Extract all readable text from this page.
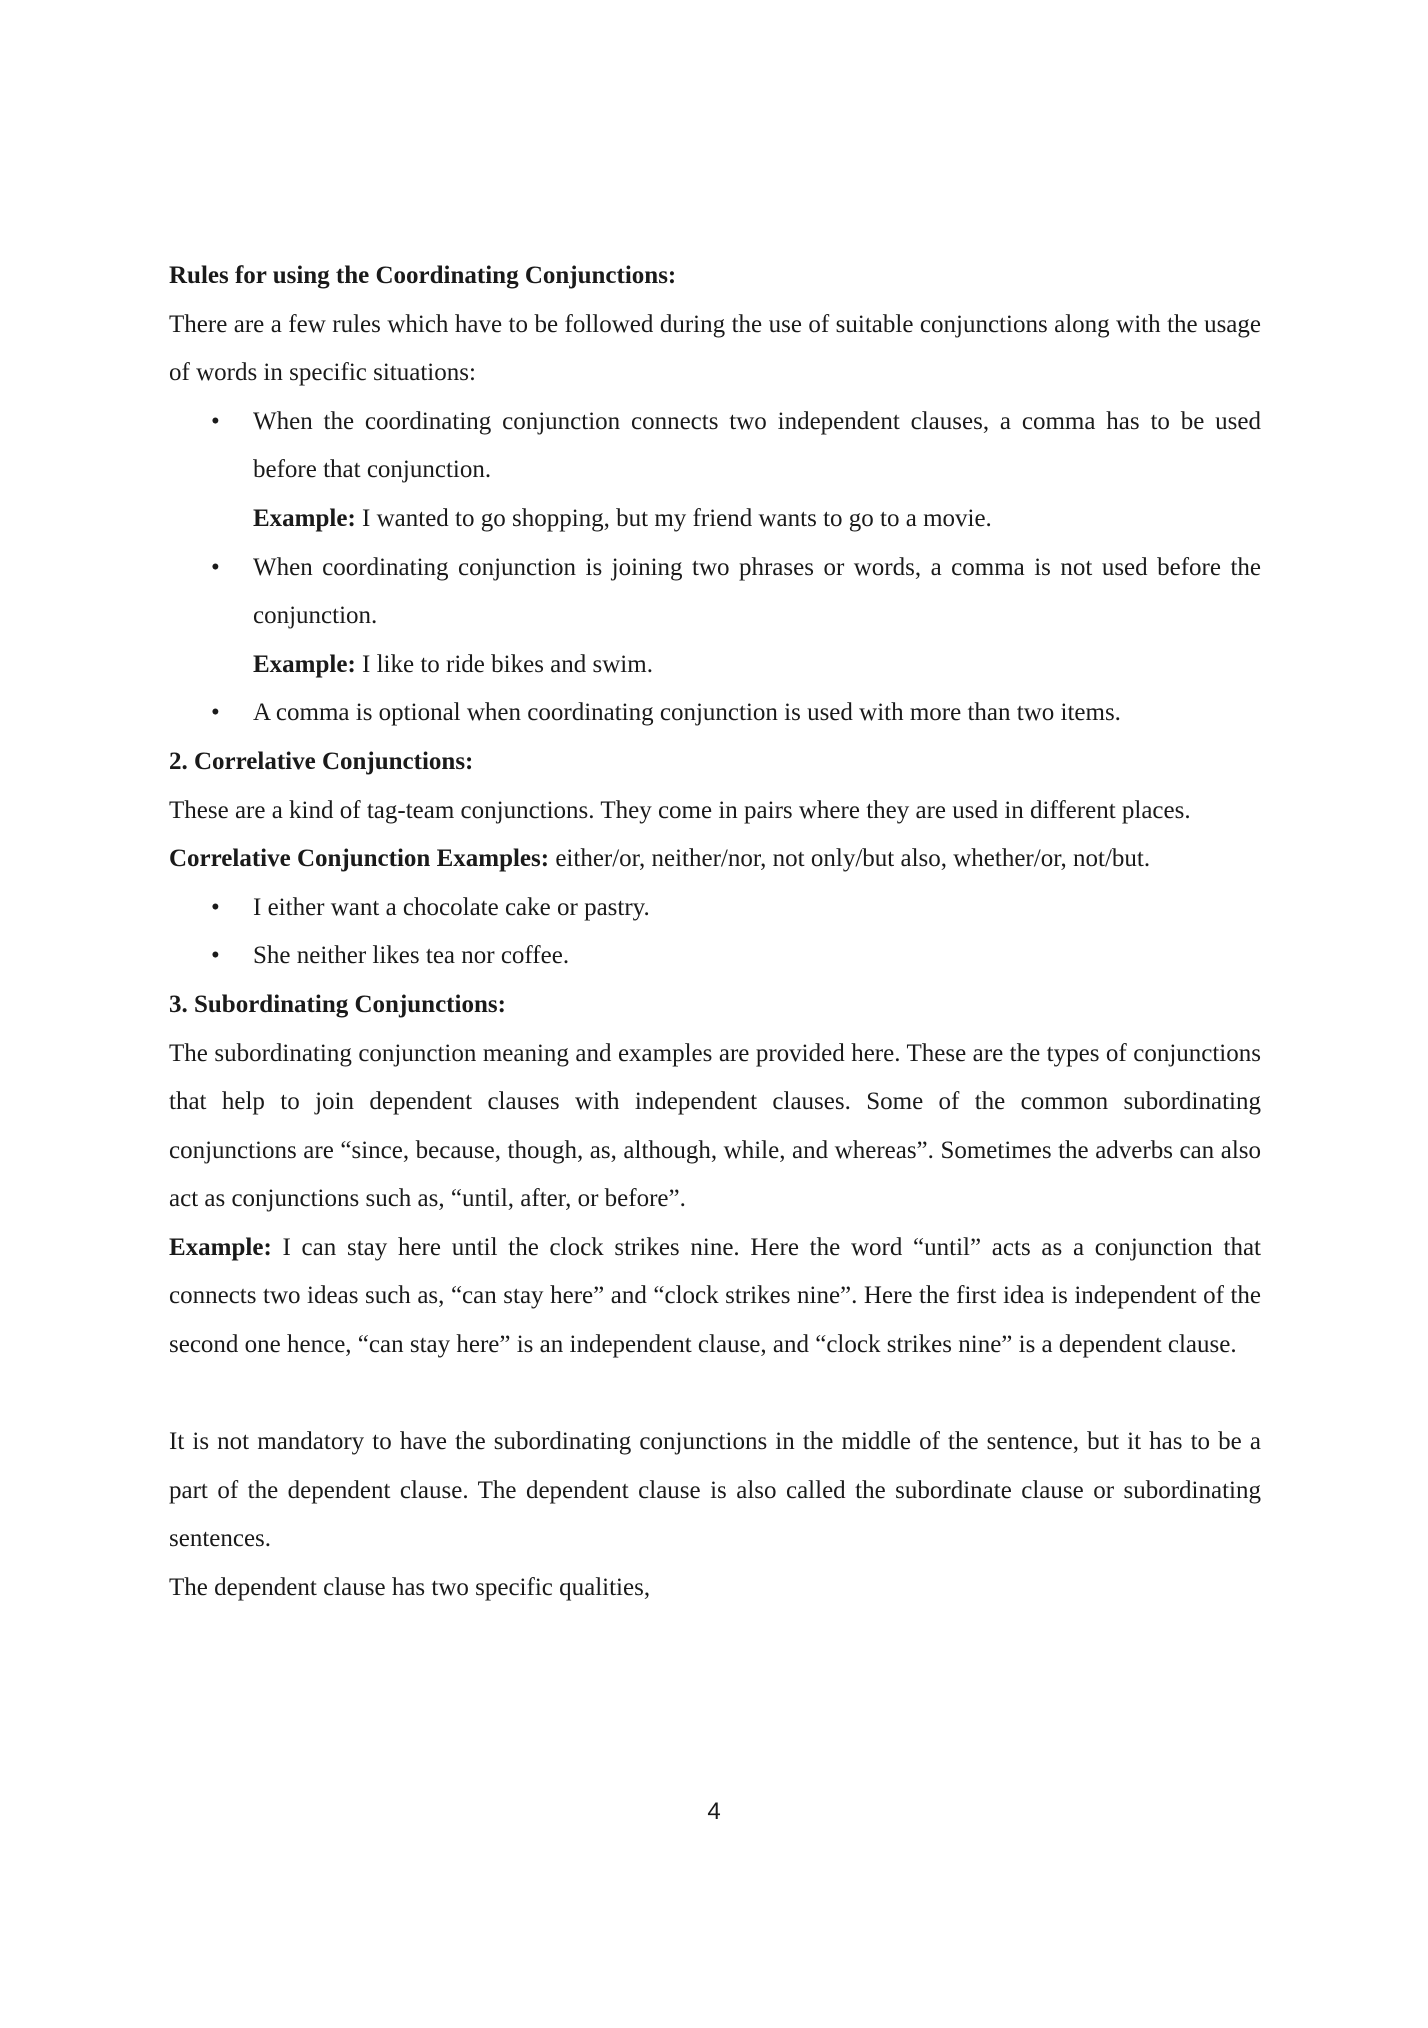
Rules for using the Coordinating Conjunctions:

There are a few rules which have to be followed during the use of suitable conjunctions along with the usage of words in specific situations:

• When the coordinating conjunction connects two independent clauses, a comma has to be used before that conjunction.

Example: I wanted to go shopping, but my friend wants to go to a movie.

• When coordinating conjunction is joining two phrases or words, a comma is not used before the conjunction.

Example: I like to ride bikes and swim.

• A comma is optional when coordinating conjunction is used with more than two items.

2. Correlative Conjunctions:

These are a kind of tag-team conjunctions. They come in pairs where they are used in different places.

Correlative Conjunction Examples: either/or, neither/nor, not only/but also, whether/or, not/but.

• I either want a chocolate cake or pastry.
• She neither likes tea nor coffee.

3. Subordinating Conjunctions:

The subordinating conjunction meaning and examples are provided here. These are the types of conjunctions that help to join dependent clauses with independent clauses. Some of the common subordinating conjunctions are “since, because, though, as, although, while, and whereas”. Sometimes the adverbs can also act as conjunctions such as, “until, after, or before”.

Example: I can stay here until the clock strikes nine. Here the word “until” acts as a conjunction that connects two ideas such as, “can stay here” and “clock strikes nine”. Here the first idea is independent of the second one hence, “can stay here” is an independent clause, and “clock strikes nine” is a dependent clause.

It is not mandatory to have the subordinating conjunctions in the middle of the sentence, but it has to be a part of the dependent clause. The dependent clause is also called the subordinate clause or subordinating sentences.

The dependent clause has two specific qualities,

4
